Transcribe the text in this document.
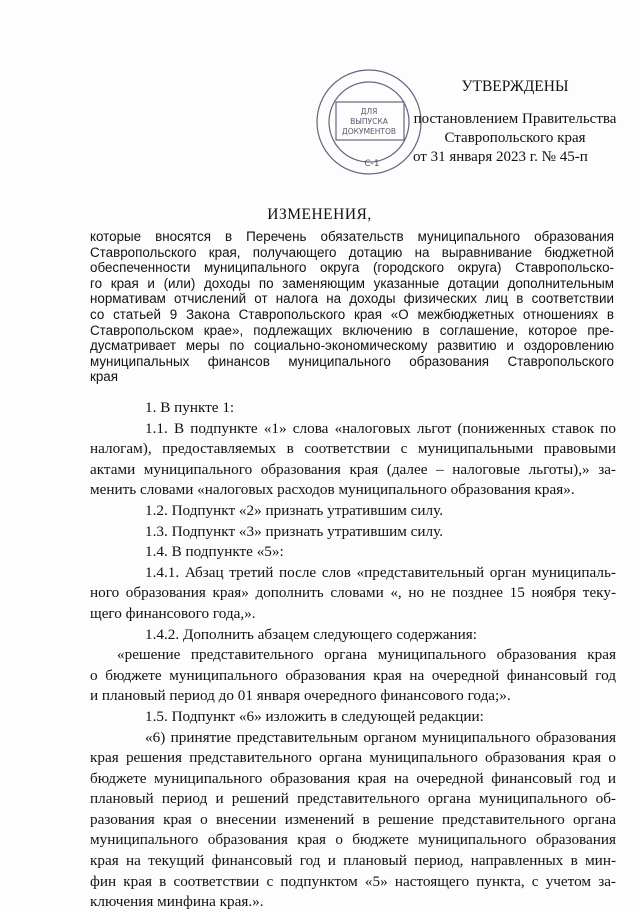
ДЛЯ
ВЫПУСКА
ДОКУМЕНТОВ
С-1
УТВЕРЖДЕНЫ
постановлением Правительства
Ставропольского края
от 31 января 2023 г. № 45-п
ИЗМЕНЕНИЯ,
которые вносятся в Перечень обязательств муниципального образования
Ставропольского края, получающего дотацию на выравнивание бюджетной
обеспеченности муниципального округа (городского округа) Ставропольско-
го края и (или) доходы по заменяющим указанные дотации дополнительным
нормативам отчислений от налога на доходы физических лиц в соответствии
со статьей 9 Закона Ставропольского края «О межбюджетных отношениях в
Ставропольском крае», подлежащих включению в соглашение, которое пре-
дусматривает меры по социально-экономическому развитию и оздоровлению
муниципальных финансов муниципального образования Ставропольского
края
1. В пункте 1:
1.1. В подпункте «1» слова «налоговых льгот (пониженных ставок по
налогам), предоставляемых в соответствии с муниципальными правовыми
актами муниципального образования края (далее – налоговые льготы),» за-
менить словами «налоговых расходов муниципального образования края».
1.2. Подпункт «2» признать утратившим силу.
1.3. Подпункт «3» признать утратившим силу.
1.4. В подпункте «5»:
1.4.1. Абзац третий после слов «представительный орган муниципаль-
ного образования края» дополнить словами «, но не позднее 15 ноября теку-
щего финансового года,».
1.4.2. Дополнить абзацем следующего содержания:
«решение представительного органа муниципального образования края
о бюджете муниципального образования края на очередной финансовый год
и плановый период до 01 января очередного финансового года;».
1.5. Подпункт «6» изложить в следующей редакции:
«6) принятие представительным органом муниципального образования
края решения представительного органа муниципального образования края о
бюджете муниципального образования края на очередной финансовый год и
плановый период и решений представительного органа муниципального об-
разования края о внесении изменений в решение представительного органа
муниципального образования края о бюджете муниципального образования
края на текущий финансовый год и плановый период, направленных в мин-
фин края в соответствии с подпунктом «5» настоящего пункта, с учетом за-
ключения минфина края.».
